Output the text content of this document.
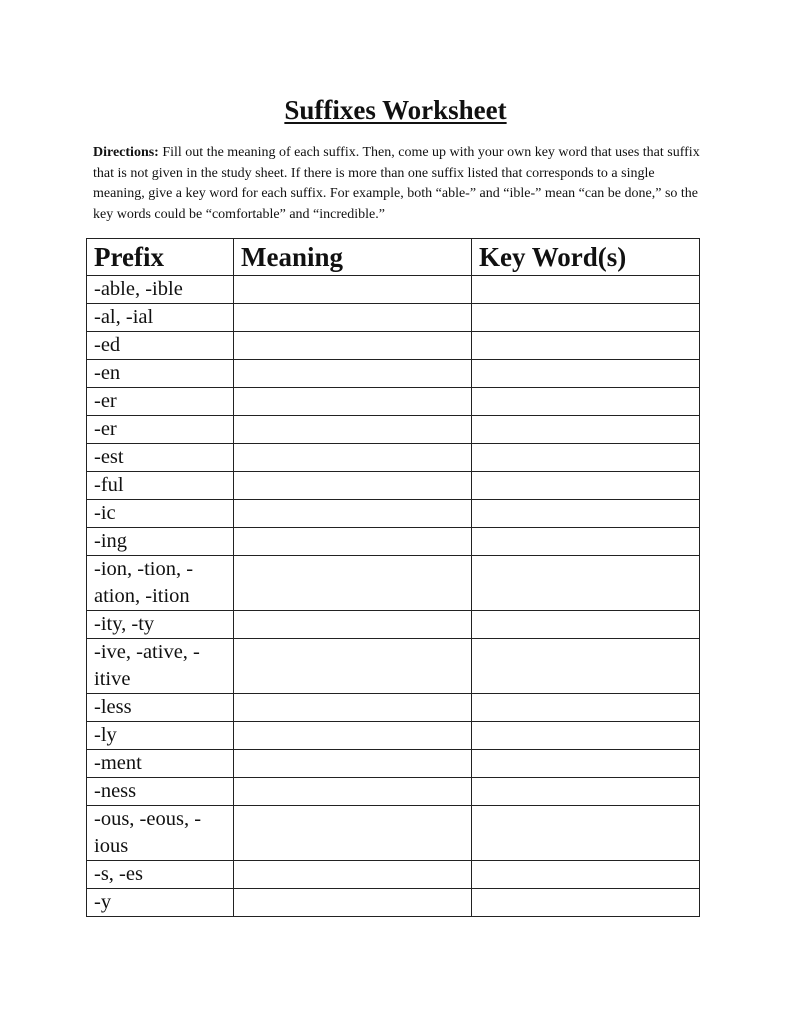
Suffixes Worksheet
Directions: Fill out the meaning of each suffix. Then, come up with your own key word that uses that suffix that is not given in the study sheet. If there is more than one suffix listed that corresponds to a single meaning, give a key word for each suffix. For example, both “able-” and “ible-” mean “can be done,” so the key words could be “comfortable” and “incredible.”
Prefix	Meaning	Key Word(s)
-able, -ible		
-al, -ial		
-ed		
-en		
-er		
-er		
-est		
-ful		
-ic		
-ing		
-ion, -tion, -ation, -ition		
-ity, -ty		
-ive, -ative, -itive		
-less		
-ly		
-ment		
-ness		
-ous, -eous, -ious		
-s, -es		
-y		
